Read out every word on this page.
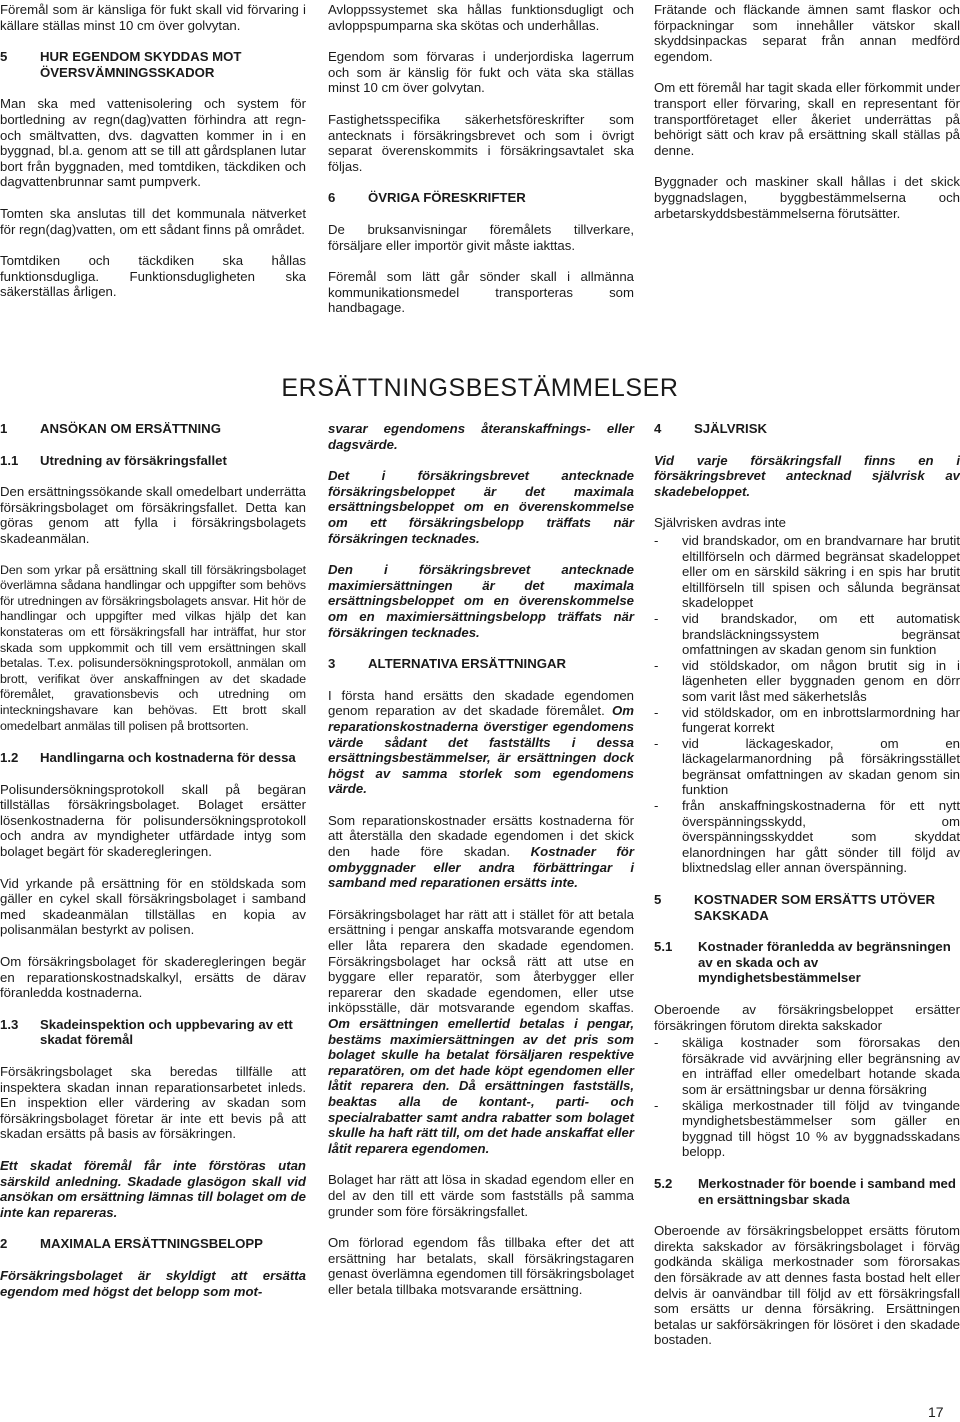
Föremål som är känsliga för fukt skall vid förvaring i källare ställas minst 10 cm över golvytan.

5	HUR EGENDOM SKYDDAS MOT ÖVERSVÄMNINGSSKADOR

Man ska med vattenisolering och system för bortledning av regn(dag)vatten förhindra att regn- och smältvatten, dvs. dagvatten kommer in i en byggnad, bl.a. genom att se till att gårdsplanen lutar bort från byggnaden, med tomtdiken, täckdiken och dagvattenbrunnar samt pumpverk.

Tomten ska anslutas till det kommunala nätverket för regn(dag)vatten, om ett sådant finns på området.

Tomtdiken och täckdiken ska hållas funktionsdugliga. Funktionsdugligheten ska säkerställas årligen.

Avloppssystemet ska hållas funktionsdugligt och avloppspumparna ska skötas och underhållas.

Egendom som förvaras i underjordiska lagerrum och som är känslig för fukt och väta ska ställas minst 10 cm över golvytan.

Fastighetsspecifika säkerhetsföreskrifter som antecknats i försäkringsbrevet och som i övrigt separat överenskommits i försäkringsavtalet ska följas.

6	ÖVRIGA FÖRESKRIFTER

De bruksanvisningar föremålets tillverkare, försäljare eller importör givit måste iakttas.

Föremål som lätt går sönder skall i allmänna kommunikationsmedel transporteras som handbagage.

Frätande och fläckande ämnen samt flaskor och förpackningar som innehåller vätskor skall skyddsinpackas separat från annan medförd egendom.

Om ett föremål har tagit skada eller förkommit under transport eller förvaring, skall en representant för transportföretaget eller åkeriet underrättas på behörigt sätt och krav på ersättning skall ställas på denne.

Byggnader och maskiner skall hållas i det skick byggnadslagen, byggbestämmelserna och arbetarskyddsbestämmelserna förutsätter.

ERSÄTTNINGSBESTÄMMELSER
1	ANSÖKAN OM ERSÄTTNING
1.1	Utredning av försäkringsfallet

Den ersättningssökande skall omedelbart underrätta försäkringsbolaget om försäkringsfallet. Detta kan göras genom att fylla i försäkringsbolagets skadeanmälan.

Den som yrkar på ersättning skall till försäkringsbolaget överlämna sådana handlingar och uppgifter som behövs för utredningen av försäkringsbolagets ansvar. Hit hör de handlingar och uppgifter med vilkas hjälp det kan konstateras om ett försäkringsfall har inträffat, hur stor skada som uppkommit och till vem ersättningen skall betalas. T.ex. polisundersökningsprotokoll, anmälan om brott, verifikat över anskaffningen av det skadade föremålet, gravationsbevis och utredning om inteckningshavare kan behövas. Ett brott skall omedelbart anmälas till polisen på brottsorten.

1.2	Handlingarna och kostnaderna för dessa

Polisundersökningsprotokoll skall på begäran tillställas försäkringsbolaget. Bolaget ersätter lösenkostnaderna för polisundersökningsprotokoll och andra av myndigheter utfärdade intyg som bolaget begärt för skaderegleringen.

Vid yrkande på ersättning för en stöldskada som gäller en cykel skall försäkringsbolaget i samband med skadeanmälan tillställas en kopia av polisanmälan bestyrkt av polisen.

Om försäkringsbolaget för skaderegleringen begär en reparationskostnadskalkyl, ersätts de därav föranledda kostnaderna.

1.3	Skadeinspektion och uppbevaring av ett skadat föremål

Försäkringsbolaget ska beredas tillfälle att inspektera skadan innan reparationsarbetet inleds. En inspektion eller värdering av skadan som försäkringsbolaget företar är inte ett bevis på att skadan ersätts på basis av försäkringen.

Ett skadat föremål får inte förstöras utan särskild anledning. Skadade glasögon skall vid ansökan om ersättning lämnas till bolaget om de inte kan repareras.

2	MAXIMALA ERSÄTTNINGSBELOPP

Försäkringsbolaget är skyldigt att ersätta egendom med högst det belopp som mot-

svarar egendomens återanskaffnings- eller dagsvärde.

Det i försäkringsbrevet antecknade försäkringsbeloppet är det maximala ersättningsbeloppet om en överenskommelse om ett försäkringsbelopp träffats när försäkringen tecknades.

Den i försäkringsbrevet antecknade maximiersättningen är det maximala ersättningsbeloppet om en överenskommelse om en maximiersättningsbelopp träffats när försäkringen tecknades.

3	ALTERNATIVA ERSÄTTNINGAR

I första hand ersätts den skadade egendomen genom reparation av det skadade föremålet. Om reparationskostnaderna överstiger egendomens värde sådant det fastställts i dessa ersättningsbestämmelser, är ersättningen dock högst av samma storlek som egendomens värde.

Som reparationskostnader ersätts kostnaderna för att återställa den skadade egendomen i det skick den hade före skadan. Kostnader för ombyggnader eller andra förbättringar i samband med reparationen ersätts inte.

Försäkringsbolaget har rätt att i stället för att betala ersättning i pengar anskaffa motsvarande egendom eller låta reparera den skadade egendomen. Försäkringsbolaget har också rätt att utse en byggare eller reparatör, som återbygger eller reparerar den skadade egendomen, eller utse inköpsställe, där motsvarande egendom skaffas. Om ersättningen emellertid betalas i pengar, bestäms maximiersättningen av det pris som bolaget skulle ha betalat försäljaren respektive reparatören, om det hade köpt egendomen eller låtit reparera den. Då ersättningen fastställs, beaktas alla de kontant-, parti- och specialrabatter samt andra rabatter som bolaget skulle ha haft rätt till, om det hade anskaffat eller låtit reparera egendomen.

Bolaget har rätt att lösa in skadad egendom eller en del av den till ett värde som fastställs på samma grunder som före försäkringsfallet.

Om förlorad egendom fås tillbaka efter det att ersättning har betalats, skall försäkringstagaren genast överlämna egendomen till försäkringsbolaget eller betala tillbaka motsvarande ersättning.

4	SJÄLVRISK

Vid varje försäkringsfall finns en i försäkringsbrevet antecknad självrisk av skadebeloppet.

Självrisken avdras inte

-	vid brandskador, om en brandvarnare har brutit eltillförseln och därmed begränsat skadeloppet eller om en särskild säkring i en spis har brutit eltillförseln till spisen och sålunda begränsat skadeloppet
-	vid brandskador, om ett automatisk brandsläckningssystem begränsat omfattningen av skadan genom sin funktion
-	vid stöldskador, om någon brutit sig in i lägenheten eller byggnaden genom en dörr som varit låst med säkerhetslås
-	vid stöldskador, om en inbrottslarmordning har fungerat korrekt
-	vid läckageskador, om en läckagelarmanordning på försäkringsstället begränsat omfattningen av skadan genom sin funktion
-	från anskaffningskostnaderna för ett nytt överspänningsskydd, om överspänningsskyddet som skyddat elanordningen har gått sönder till följd av blixtnedslag eller annan överspänning.
5	KOSTNADER SOM ERSÄTTS UTÖVER SAKSKADA
5.1	Kostnader föranledda av begränsningen av en skada och av myndighetsbestämmelser

Oberoende av försäkringsbeloppet ersätter försäkringen förutom direkta sakskador

-	skäliga kostnader som förorsakas den försäkrade vid avvärjning eller begränsning av en inträffad eller omedelbart hotande skada som är ersättningsbar ur denna försäkring
-	skäliga merkostnader till följd av tvingande myndighetsbestämmelser som gäller en byggnad till högst 10 % av byggnadsskadans belopp.
5.2	Merkostnader för boende i samband med en ersättningsbar skada

Oberoende av försäkringsbeloppet ersätts förutom direkta sakskador av försäkringsbolaget i förväg godkända skäliga merkostnader som förorsakas den försäkrade av att dennes fasta bostad helt eller delvis är oanvändbar till följd av ett försäkringsfall som ersätts ur denna försäkring. Ersättningen betalas ur sakförsäkringen för lösöret i den skadade bostaden.

17
